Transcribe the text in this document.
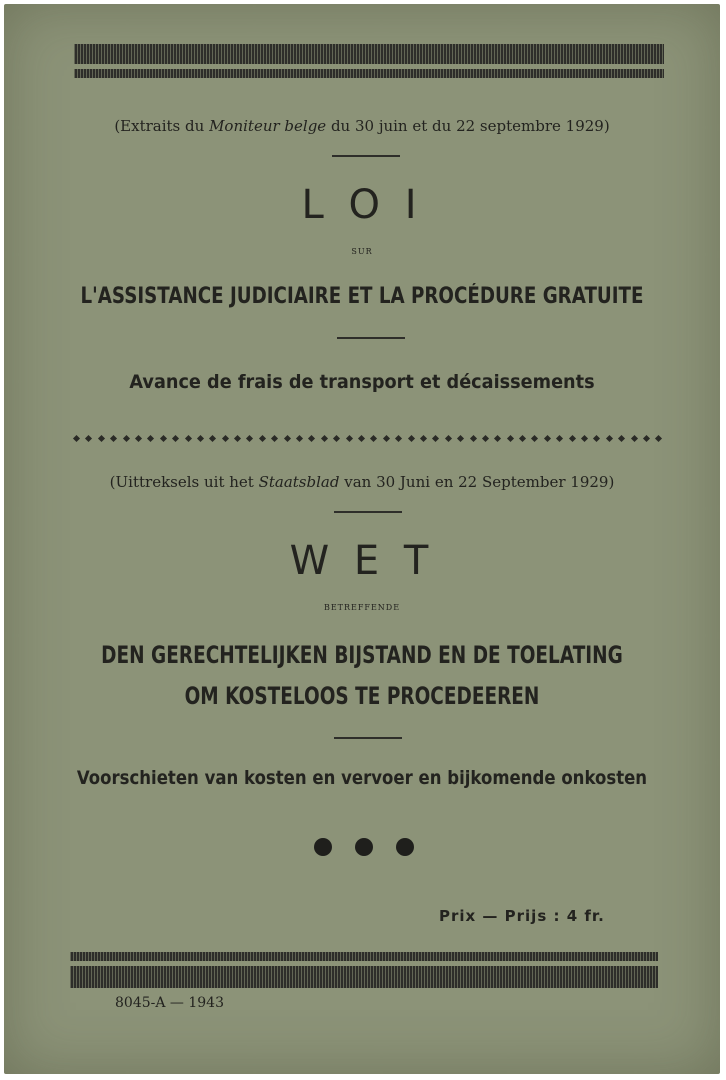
(Extraits du Moniteur belge du 30 juin et du 22 septembre 1929)
L O I
SUR
L'ASSISTANCE JUDICIAIRE ET LA PROCÉDURE GRATUITE
Avance de frais de transport et décaissements
(Uittreksels uit het Staatsblad van 30 Juni en 22 September 1929)
W E T
BETREFFENDE
DEN GERECHTELIJKEN BIJSTAND EN DE TOELATING
OM KOSTELOOS TE PROCEDEEREN
Voorschieten van kosten en vervoer en bijkomende onkosten
Prix — Prijs : 4 fr.
8045-A — 1943
